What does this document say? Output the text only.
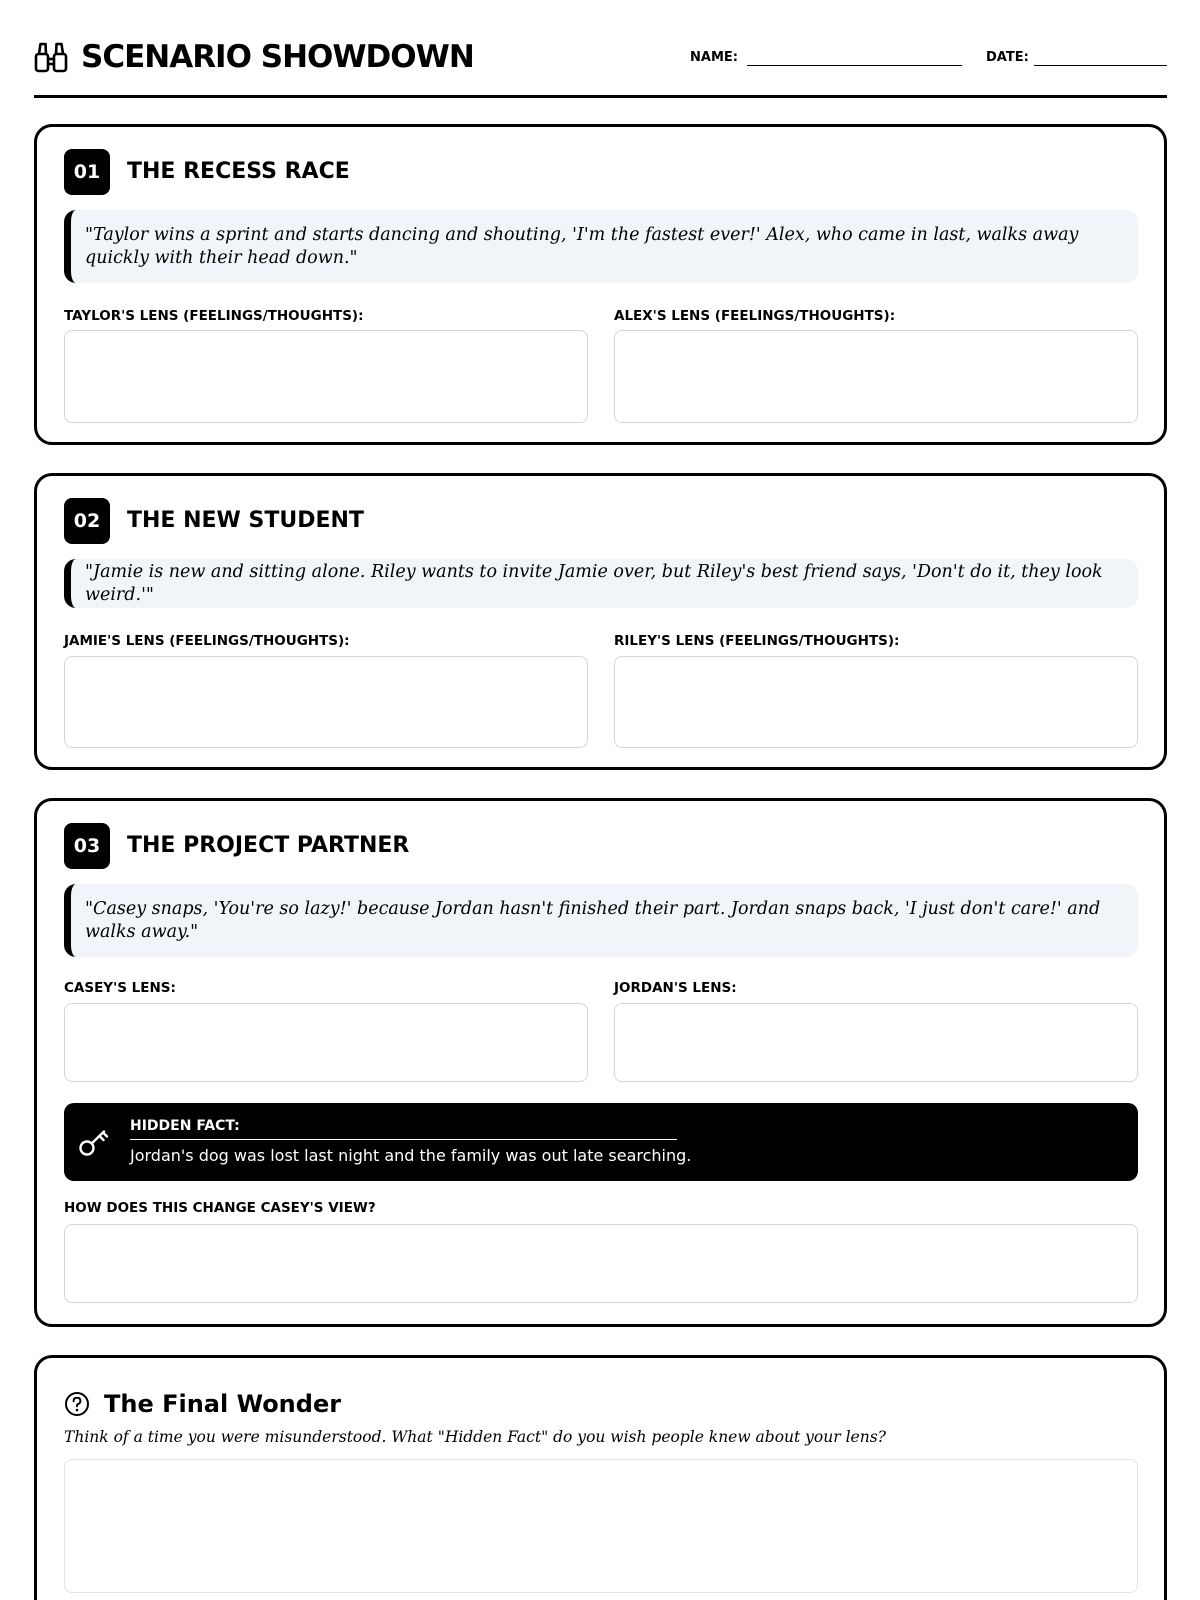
SCENARIO SHOWDOWN	NAME:	DATE:
01	THE RECESS RACE
"Taylor wins a sprint and starts dancing and shouting, 'I'm the fastest ever!' Alex, who came in last, walks away quickly with their head down."
TAYLOR'S LENS (FEELINGS/THOUGHTS):	ALEX'S LENS (FEELINGS/THOUGHTS):
02	THE NEW STUDENT
"Jamie is new and sitting alone. Riley wants to invite Jamie over, but Riley's best friend says, 'Don't do it, they look weird.'"
JAMIE'S LENS (FEELINGS/THOUGHTS):	RILEY'S LENS (FEELINGS/THOUGHTS):
03	THE PROJECT PARTNER
"Casey snaps, 'You're so lazy!' because Jordan hasn't finished their part. Jordan snaps back, 'I just don't care!' and walks away."
CASEY'S LENS:	JORDAN'S LENS:
HIDDEN FACT:
Jordan's dog was lost last night and the family was out late searching.
HOW DOES THIS CHANGE CASEY'S VIEW?
The Final Wonder
Think of a time you were misunderstood. What "Hidden Fact" do you wish people knew about your lens?
